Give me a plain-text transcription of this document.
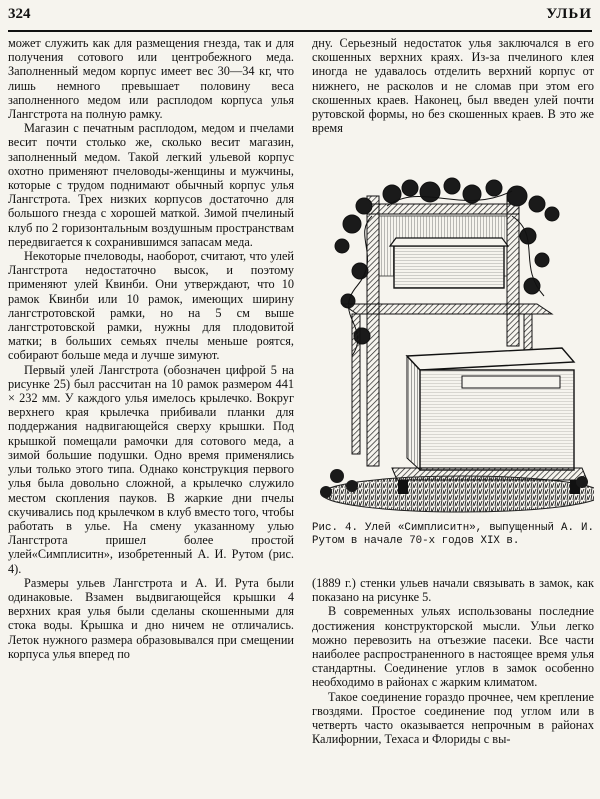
324	УЛЬИ

может служить как для размещения гнезда, так и для получения сотового или центробежного меда. Заполненный медом корпус имеет вес 30—34 кг, что лишь немного превышает половину веса заполненного медом или расплодом корпуса улья Лангстрота на полную рамку.

Магазин с печатным расплодом, медом и пчелами весит почти столько же, сколько весит магазин, заполненный медом. Такой легкий ульевой корпус охотно применяют пчеловоды-женщины и мужчины, которые с трудом поднимают обычный корпус улья Лангстрота. Трех низких корпусов достаточно для большого гнезда с хорошей маткой. Зимой пчелиный клуб по 2 горизонтальным воздушным пространствам передвигается к сохранившимся запасам меда.

Некоторые пчеловоды, наоборот, считают, что улей Лангстрота недостаточно высок, и поэтому применяют улей Квинби. Они утверждают, что 10 рамок Квинби или 10 рамок, имеющих ширину лангстротовской рамки, но на 5 см выше лангстротовской рамки, нужны для плодовитой матки; в больших семьях пчелы меньше роятся, собирают больше меда и лучше зимуют.

Первый улей Лангстрота (обозначен цифрой 5 на рисунке 25) был рассчитан на 10 рамок размером 441 × 232 мм. У каждого улья имелось крылечко. Вокруг верхнего края крылечка прибивали планки для поддержания надвигающейся сверху крышки. Под крышкой помещали рамочки для сотового меда, а зимой большие подушки. Одно время применялись ульи только этого типа. Однако конструкция первого улья была довольно сложной, а крылечко служило местом скопления пауков. В жаркие дни пчелы скучивались под крылечком в клуб вместо того, чтобы работать в улье. На смену указанному улью Лангстрота пришел более простой улей«Симплиситн», изобретенный А. И. Рутом (рис. 4).

Размеры ульев Лангстрота и А. И. Рута были одинаковые. Взамен выдвигающейся крышки 4 верхних края улья были сделаны скошенными для стока воды. Крышка и дно ничем не отличались. Леток нужного размера образовывался при смещении корпуса улья вперед по

дну. Серьезный недостаток улья заключался в его скошенных верхних краях. Из-за пчелиного клея иногда не удавалось отделить верхний корпус от нижнего, не расколов и не сломав при этом его скошенных краев. Наконец, был введен улей почти рутовской формы, но без скошенных краев. В это же время

Рис. 4. Улей «Симплиситн», выпущенный А. И. Рутом в начале 70-х годов XIX в.

(1889 г.) стенки ульев начали связывать в замок, как показано на рисунке 5.

В современных ульях использованы последние достижения конструкторской мысли. Ульи легко можно перевозить на отъезжие пасеки. Все части наиболее распространенного в настоящее время улья стандартны. Соединение углов в замок особенно необходимо в районах с жарким климатом.

Такое соединение гораздо прочнее, чем крепление гвоздями. Простое соединение под углом или в четверть часто оказывается непрочным в районах Калифорнии, Техаса и Флориды с вы-
